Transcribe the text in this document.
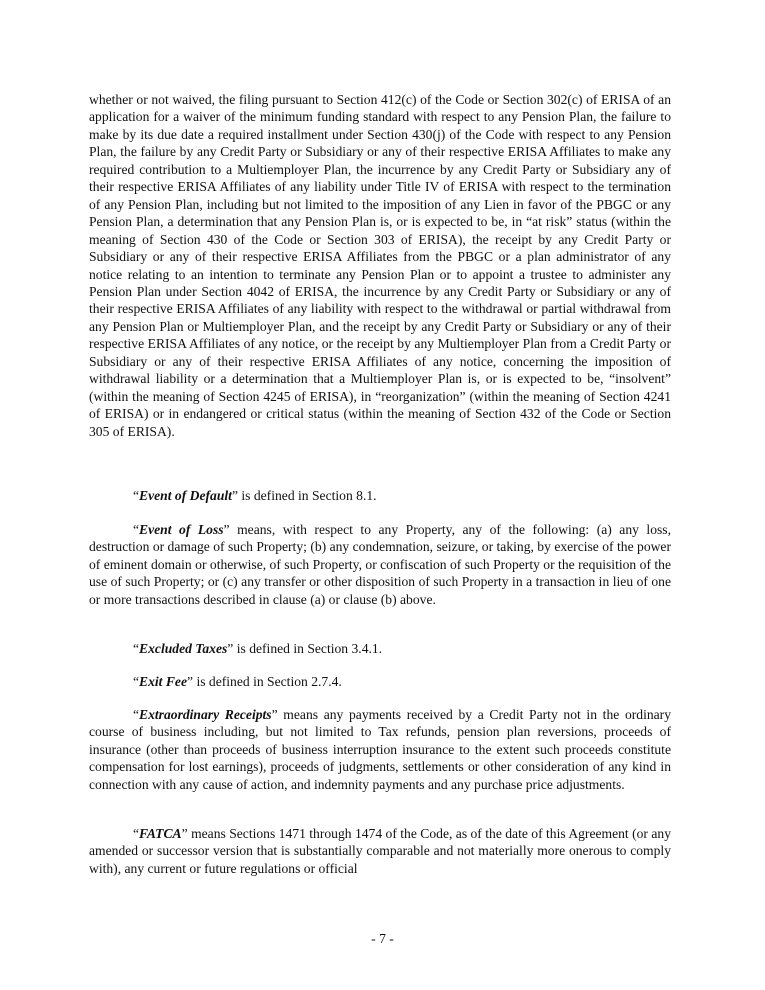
whether or not waived, the filing pursuant to Section 412(c) of the Code or Section 302(c) of ERISA of an application for a waiver of the minimum funding standard with respect to any Pension Plan, the failure to make by its due date a required installment under Section 430(j) of the Code with respect to any Pension Plan, the failure by any Credit Party or Subsidiary or any of their respective ERISA Affiliates to make any required contribution to a Multiemployer Plan, the incurrence by any Credit Party or Subsidiary any of their respective ERISA Affiliates of any liability under Title IV of ERISA with respect to the termination of any Pension Plan, including but not limited to the imposition of any Lien in favor of the PBGC or any Pension Plan, a determination that any Pension Plan is, or is expected to be, in “at risk” status (within the meaning of Section 430 of the Code or Section 303 of ERISA), the receipt by any Credit Party or Subsidiary or any of their respective ERISA Affiliates from the PBGC or a plan administrator of any notice relating to an intention to terminate any Pension Plan or to appoint a trustee to administer any Pension Plan under Section 4042 of ERISA, the incurrence by any Credit Party or Subsidiary or any of their respective ERISA Affiliates of any liability with respect to the withdrawal or partial withdrawal from any Pension Plan or Multiemployer Plan, and the receipt by any Credit Party or Subsidiary or any of their respective ERISA Affiliates of any notice, or the receipt by any Multiemployer Plan from a Credit Party or Subsidiary or any of their respective ERISA Affiliates of any notice, concerning the imposition of withdrawal liability or a determination that a Multiemployer Plan is, or is expected to be, “insolvent” (within the meaning of Section 4245 of ERISA), in “reorganization” (within the meaning of Section 4241 of ERISA) or in endangered or critical status (within the meaning of Section 432 of the Code or Section 305 of ERISA).

“Event of Default” is defined in Section 8.1.

“Event of Loss” means, with respect to any Property, any of the following: (a) any loss, destruction or damage of such Property; (b) any condemnation, seizure, or taking, by exercise of the power of eminent domain or otherwise, of such Property, or confiscation of such Property or the requisition of the use of such Property; or (c) any transfer or other disposition of such Property in a transaction in lieu of one or more transactions described in clause (a) or clause (b) above.

“Excluded Taxes” is defined in Section 3.4.1.

“Exit Fee” is defined in Section 2.7.4.

“Extraordinary Receipts” means any payments received by a Credit Party not in the ordinary course of business including, but not limited to Tax refunds, pension plan reversions, proceeds of insurance (other than proceeds of business interruption insurance to the extent such proceeds constitute compensation for lost earnings), proceeds of judgments, settlements or other consideration of any kind in connection with any cause of action, and indemnity payments and any purchase price adjustments.

“FATCA” means Sections 1471 through 1474 of the Code, as of the date of this Agreement (or any amended or successor version that is substantially comparable and not materially more onerous to comply with), any current or future regulations or official

- 7 -
